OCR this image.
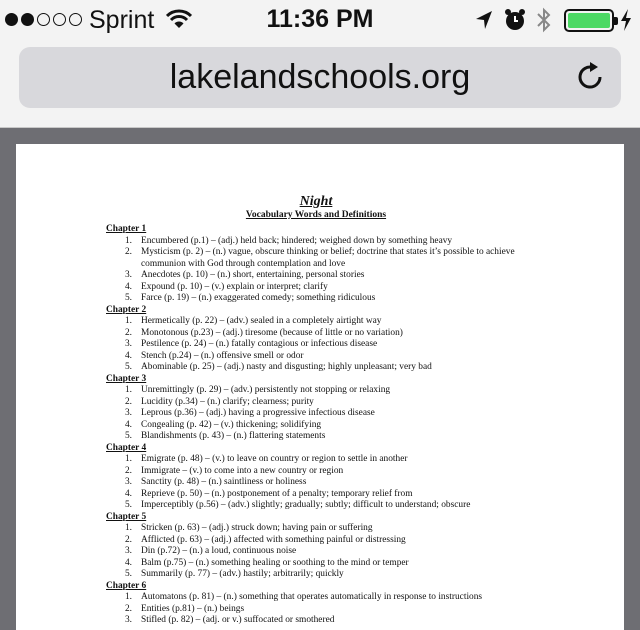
Sprint	11:36 PM
lakelandschools.org
Night
Vocabulary Words and Definitions
Chapter 1
1. Encumbered (p.1) – (adj.) held back; hindered; weighed down by something heavy
2. Mysticism (p. 2) – (n.) vague, obscure thinking or belief; doctrine that states it’s possible to achieve communion with God through contemplation and love
3. Anecdotes (p. 10) – (n.) short, entertaining, personal stories
4. Expound (p. 10) – (v.) explain or interpret; clarify
5. Farce (p. 19) – (n.) exaggerated comedy; something ridiculous
Chapter 2
1. Hermetically (p. 22) – (adv.) sealed in a completely airtight way
2. Monotonous (p.23) – (adj.) tiresome (because of little or no variation)
3. Pestilence (p. 24) – (n.) fatally contagious or infectious disease
4. Stench (p.24) – (n.) offensive smell or odor
5. Abominable (p. 25) – (adj.) nasty and disgusting; highly unpleasant; very bad
Chapter 3
1. Unremittingly (p. 29) – (adv.) persistently not stopping or relaxing
2. Lucidity (p.34) – (n.) clarify; clearness; purity
3. Leprous (p.36) – (adj.) having a progressive infectious disease
4. Congealing (p. 42) – (v.) thickening; solidifying
5. Blandishments (p. 43) – (n.) flattering statements
Chapter 4
1. Emigrate (p. 48) – (v.) to leave on country or region to settle in another
2. Immigrate – (v.) to come into a new country or region
3. Sanctity (p. 48) – (n.) saintliness or holiness
4. Reprieve (p. 50) – (n.) postponement of a penalty; temporary relief from
5. Imperceptibly (p.56) – (adv.) slightly; gradually; subtly; difficult to understand; obscure
Chapter 5
1. Stricken (p. 63) – (adj.) struck down; having pain or suffering
2. Afflicted (p. 63) – (adj.) affected with something painful or distressing
3. Din (p.72) – (n.) a loud, continuous noise
4. Balm (p.75) – (n.) something healing or soothing to the mind or temper
5. Summarily (p. 77) – (adv.) hastily; arbitrarily; quickly
Chapter 6
1. Automatons (p. 81) – (n.) something that operates automatically in response to instructions
2. Entities (p.81) – (n.) beings
3. Stifled (p. 82) – (adj. or v.) suffocated or smothered
